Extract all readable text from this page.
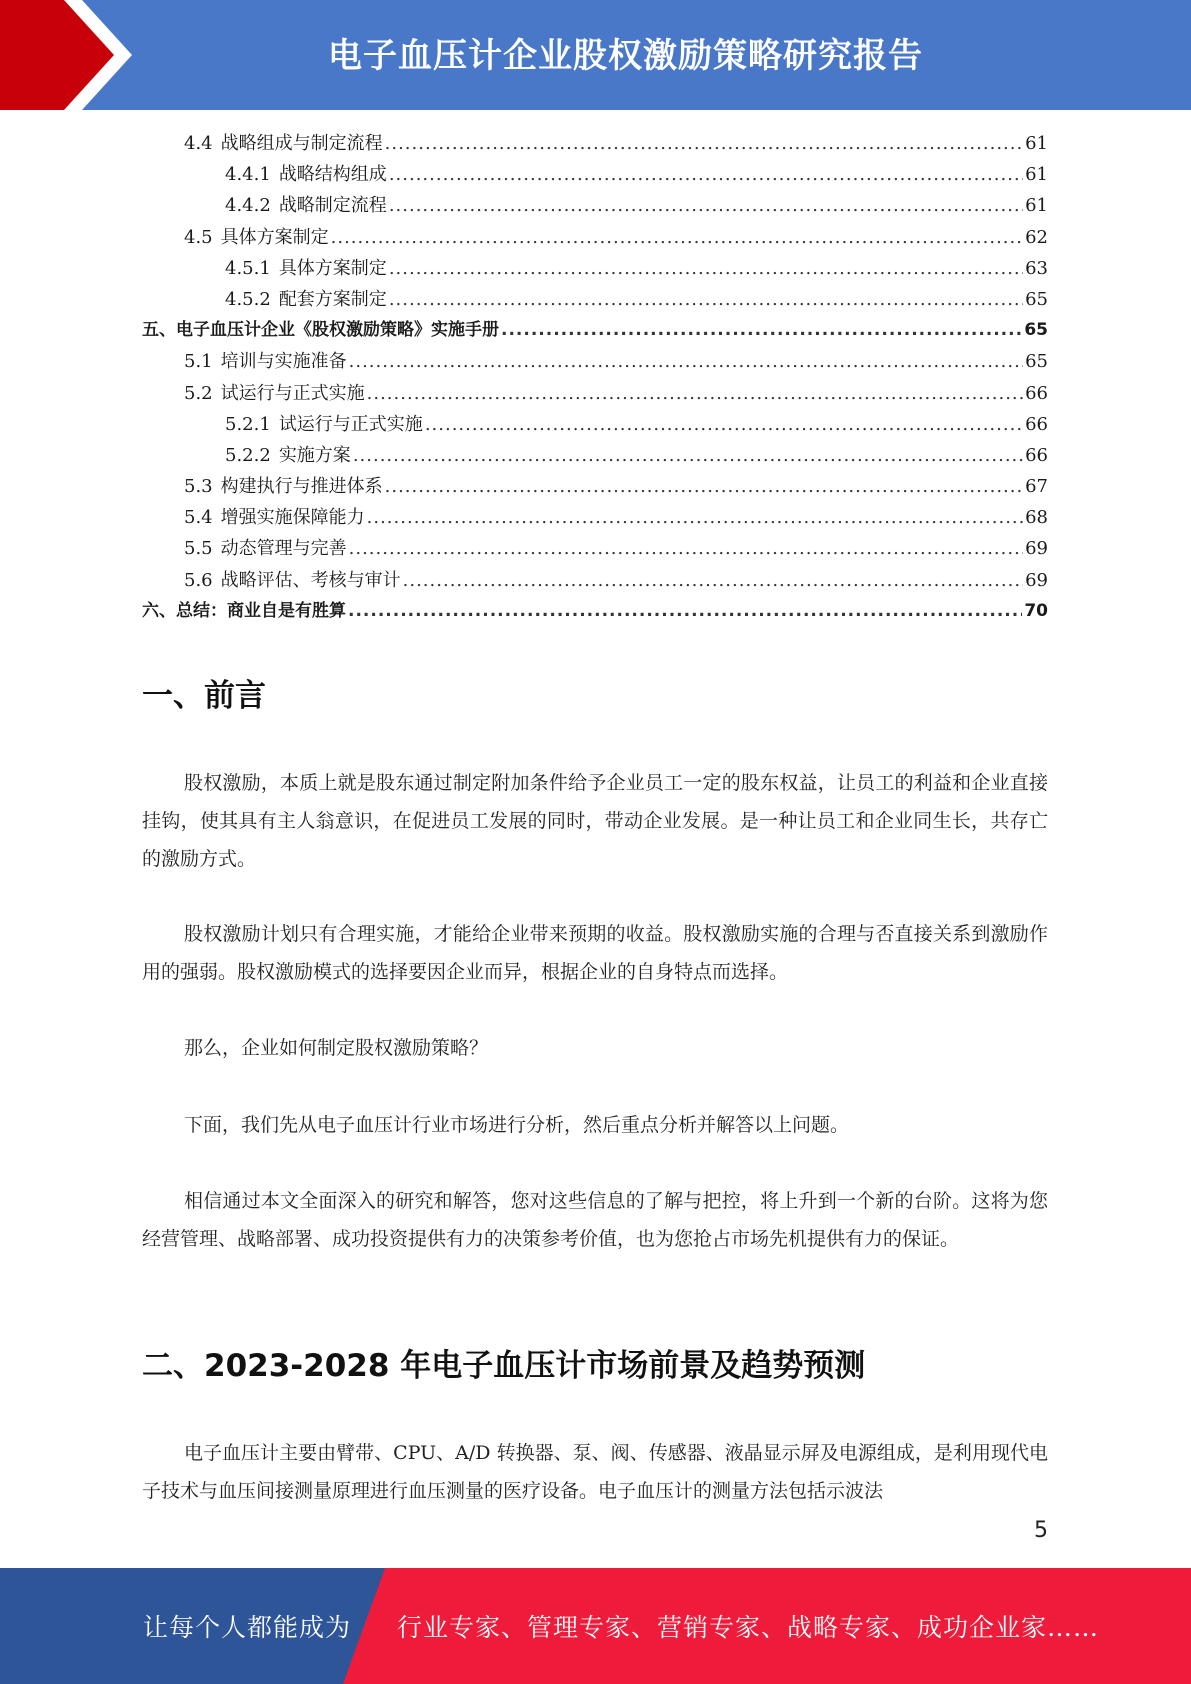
电子血压计企业股权激励策略研究报告
4.4 战略组成与制定流程 .....	61
4.4.1 战略结构组成 .....	61
4.4.2 战略制定流程 .....	61
4.5 具体方案制定 .....	62
4.5.1 具体方案制定 .....	63
4.5.2 配套方案制定 .....	65
五、 电子血压计企业《股权激励策略》实施手册 .....	65
5.1 培训与实施准备 .....	65
5.2 试运行与正式实施 .....	66
5.2.1 试运行与正式实施 .....	66
5.2.2 实施方案 .....	66
5.3 构建执行与推进体系 .....	67
5.4 增强实施保障能力 .....	68
5.5 动态管理与完善 .....	69
5.6 战略评估、考核与审计 .....	69
六、 总结：商业自是有胜算 .....	70
一、前言
股权激励，本质上就是股东通过制定附加条件给予企业员工一定的股东权益，让员工的利益和企业直接挂钩，使其具有主人翁意识，在促进员工发展的同时，带动企业发展。是一种让员工和企业同生长，共存亡的激励方式。
股权激励计划只有合理实施，才能给企业带来预期的收益。股权激励实施的合理与否直接关系到激励作用的强弱。股权激励模式的选择要因企业而异，根据企业的自身特点而选择。
那么，企业如何制定股权激励策略？
下面，我们先从电子血压计行业市场进行分析，然后重点分析并解答以上问题。
相信通过本文全面深入的研究和解答，您对这些信息的了解与把控，将上升到一个新的台阶。这将为您经营管理、战略部署、成功投资提供有力的决策参考价值，也为您抢占市场先机提供有力的保证。
二、2023-2028 年电子血压计市场前景及趋势预测
电子血压计主要由臂带、CPU、A/D 转换器、泵、阀、传感器、液晶显示屏及电源组成，是利用现代电子技术与血压间接测量原理进行血压测量的医疗设备。电子血压计的测量方法包括示波法
5
让每个人都能成为 行业专家、管理专家、营销专家、战略专家、成功企业家……
